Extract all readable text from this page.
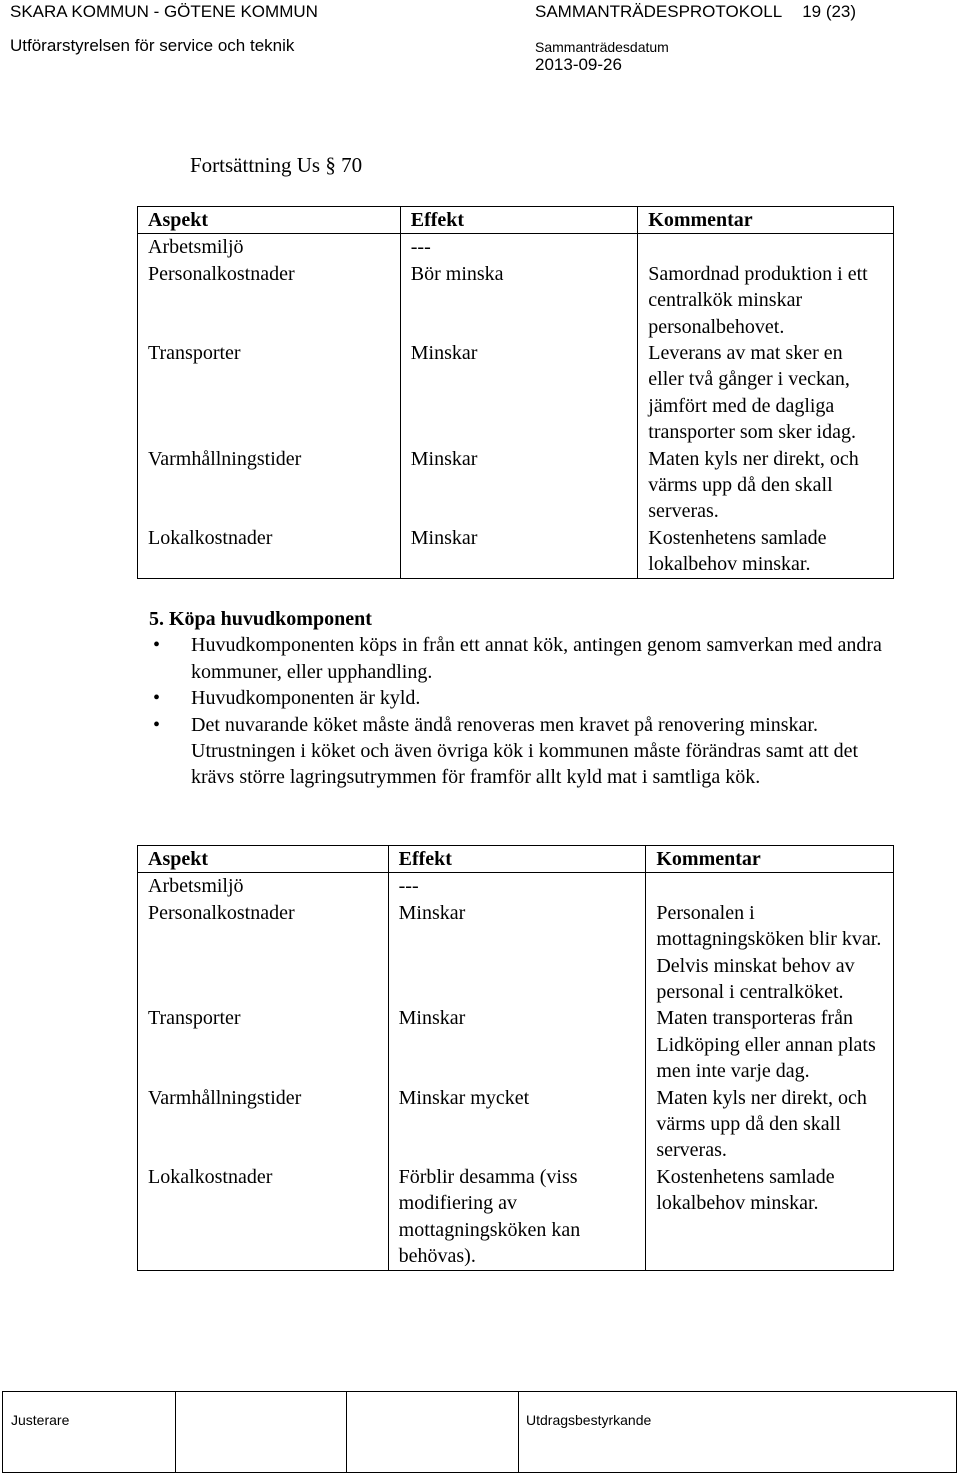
SKARA KOMMUN - GÖTENE KOMMUN
Utförarstyrelsen för service och teknik
SAMMANTRÄDESPROTOKOLL 19 (23)
Sammanträdesdatum
2013-09-26
Fortsättning Us § 70
Aspekt	Effekt	Kommentar
Arbetsmiljö	---	
Personalkostnader	Bör minska	Samordnad produktion i ett centralkök minskar personalbehovet.
Transporter	Minskar	Leverans av mat sker en eller två gånger i veckan, jämfört med de dagliga transporter som sker idag.
Varmhållningstider	Minskar	Maten kyls ner direkt, och värms upp då den skall serveras.
Lokalkostnader	Minskar	Kostenhetens samlade lokalbehov minskar.
5. Köpa huvudkomponent
• Huvudkomponenten köps in från ett annat kök, antingen genom samverkan med andra kommuner, eller upphandling.
• Huvudkomponenten är kyld.
• Det nuvarande köket måste ändå renoveras men kravet på renovering minskar. Utrustningen i köket och även övriga kök i kommunen måste förändras samt att det krävs större lagringsutrymmen för framför allt kyld mat i samtliga kök.
Aspekt	Effekt	Kommentar
Arbetsmiljö	---	
Personalkostnader	Minskar	Personalen i mottagningsköken blir kvar. Delvis minskat behov av personal i centralköket.
Transporter	Minskar	Maten transporteras från Lidköping eller annan plats men inte varje dag.
Varmhållningstider	Minskar mycket	Maten kyls ner direkt, och värms upp då den skall serveras.
Lokalkostnader	Förblir desamma (viss modifiering av mottagningsköken kan behövas).	Kostenhetens samlade lokalbehov minskar.
Justerare	Utdragsbestyrkande
